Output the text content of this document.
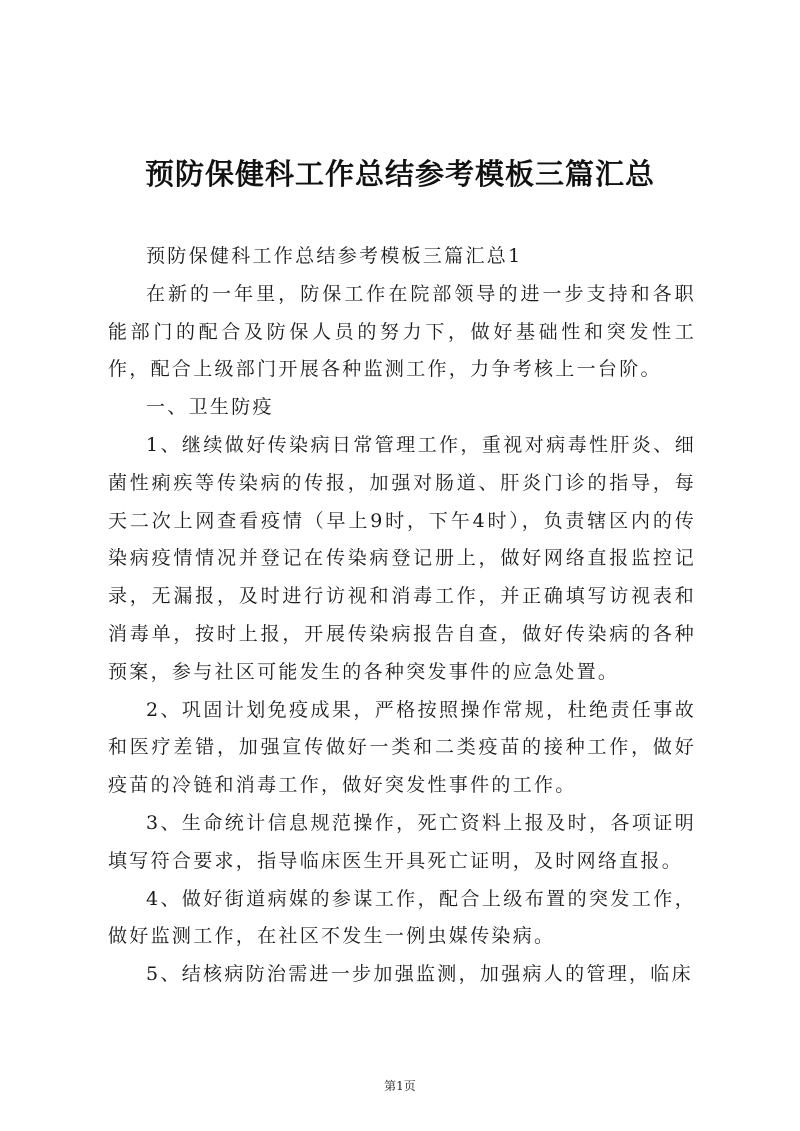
预防保健科工作总结参考模板三篇汇总

预防保健科工作总结参考模板三篇汇总1

在新的一年里，防保工作在院部领导的进一步支持和各职能部门的配合及防保人员的努力下，做好基础性和突发性工作，配合上级部门开展各种监测工作，力争考核上一台阶。

一、卫生防疫

1、继续做好传染病日常管理工作，重视对病毒性肝炎、细菌性痢疾等传染病的传报，加强对肠道、肝炎门诊的指导，每天二次上网查看疫情（早上9时，下午4时），负责辖区内的传染病疫情情况并登记在传染病登记册上，做好网络直报监控记录，无漏报，及时进行访视和消毒工作，并正确填写访视表和消毒单，按时上报，开展传染病报告自查，做好传染病的各种预案，参与社区可能发生的各种突发事件的应急处置。

2、巩固计划免疫成果，严格按照操作常规，杜绝责任事故和医疗差错，加强宣传做好一类和二类疫苗的接种工作，做好疫苗的冷链和消毒工作，做好突发性事件的工作。

3、生命统计信息规范操作，死亡资料上报及时，各项证明填写符合要求，指导临床医生开具死亡证明，及时网络直报。

4、做好街道病媒的参谋工作，配合上级布置的突发工作，做好监测工作，在社区不发生一例虫媒传染病。

5、结核病防治需进一步加强监测，加强病人的管理，临床

第1页
